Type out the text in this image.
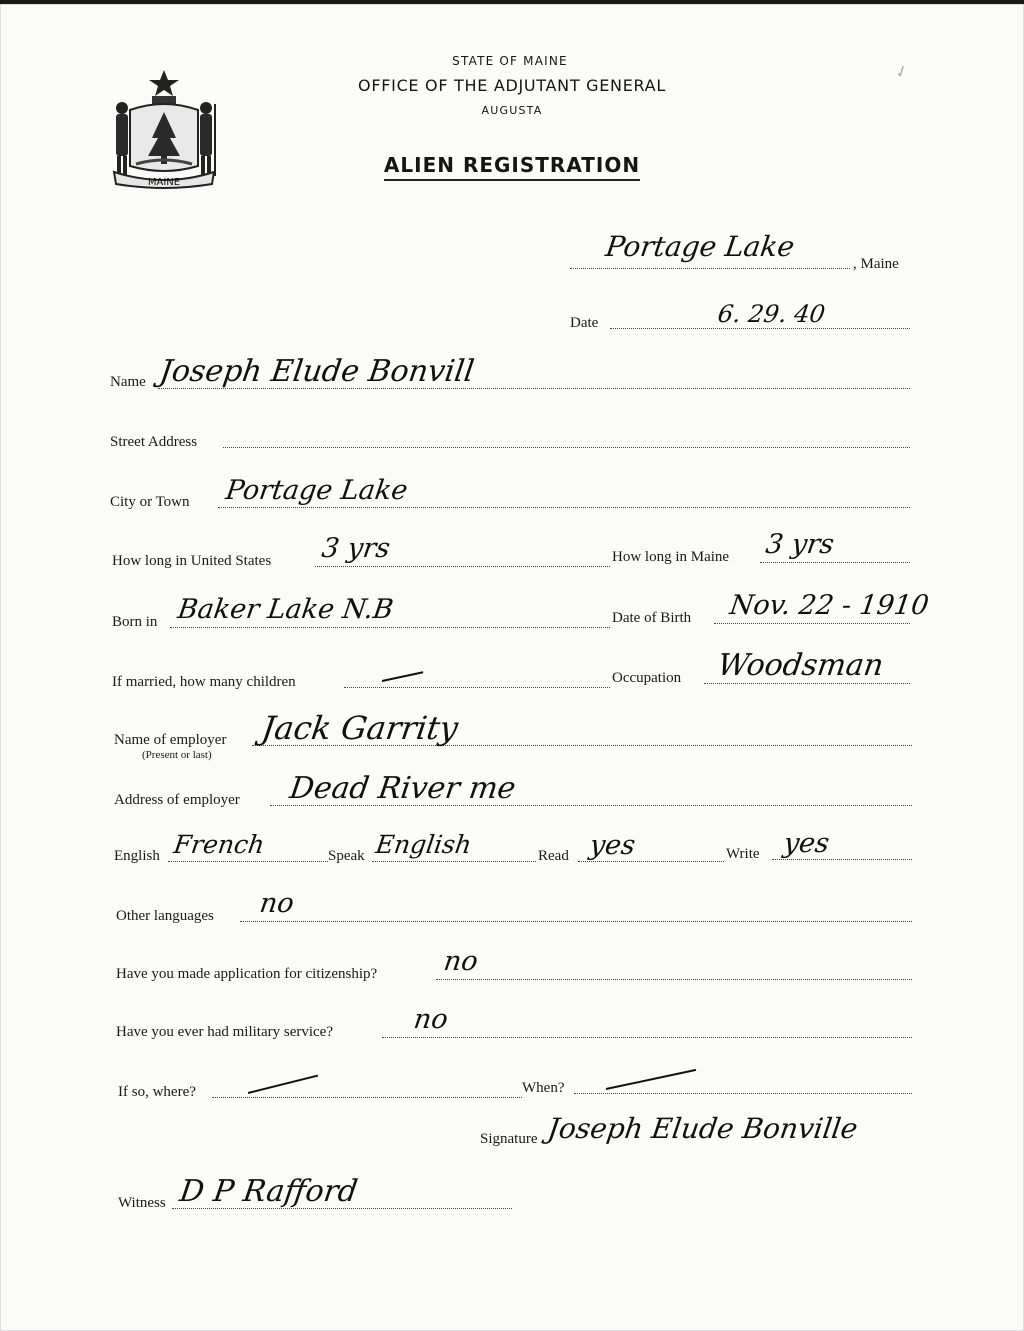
MAINE
STATE OF MAINE
OFFICE OF THE ADJUTANT GENERAL
AUGUSTA
ALIEN REGISTRATION
✓
Portage Lake
, Maine
Date	6. 29. 40
Name Joseph Elude Bonvill
Street Address
City or Town Portage Lake
How long in United States 3 yrs	How long in Maine 3 yrs
Born in Baker Lake N.B	Date of Birth Nov. 22 - 1910
If married, how many children	Occupation Woodsman
Name of employer
(Present or last)
Jack Garrity
Address of employer Dead River me
English French	Speak English	Read yes	Write yes
Other languages no
Have you made application for citizenship? no
Have you ever had military service?	no
If so, where?	When?
Signature Joseph Elude Bonville
Witness D P Rafford
